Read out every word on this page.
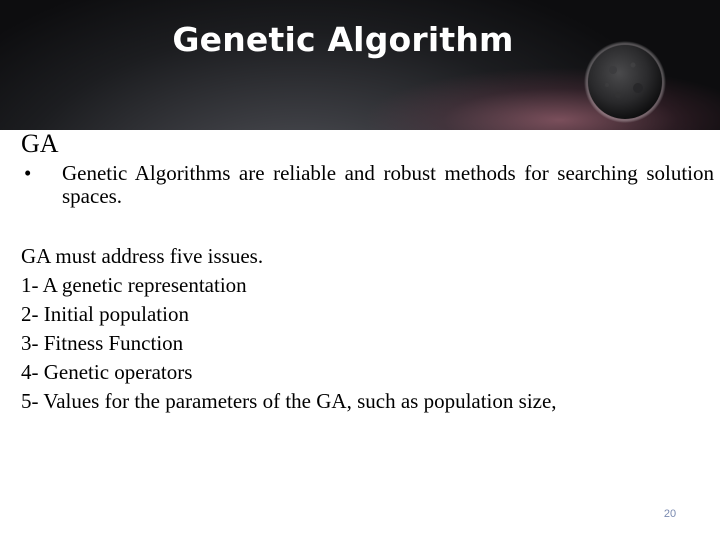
Genetic Algorithm
GA
• Genetic Algorithms are reliable and robust methods for searching solution spaces.
GA must address five issues.
1- A genetic representation
2- Initial population
3- Fitness Function
4- Genetic operators
5- Values for the parameters of the GA, such as population size,
20
